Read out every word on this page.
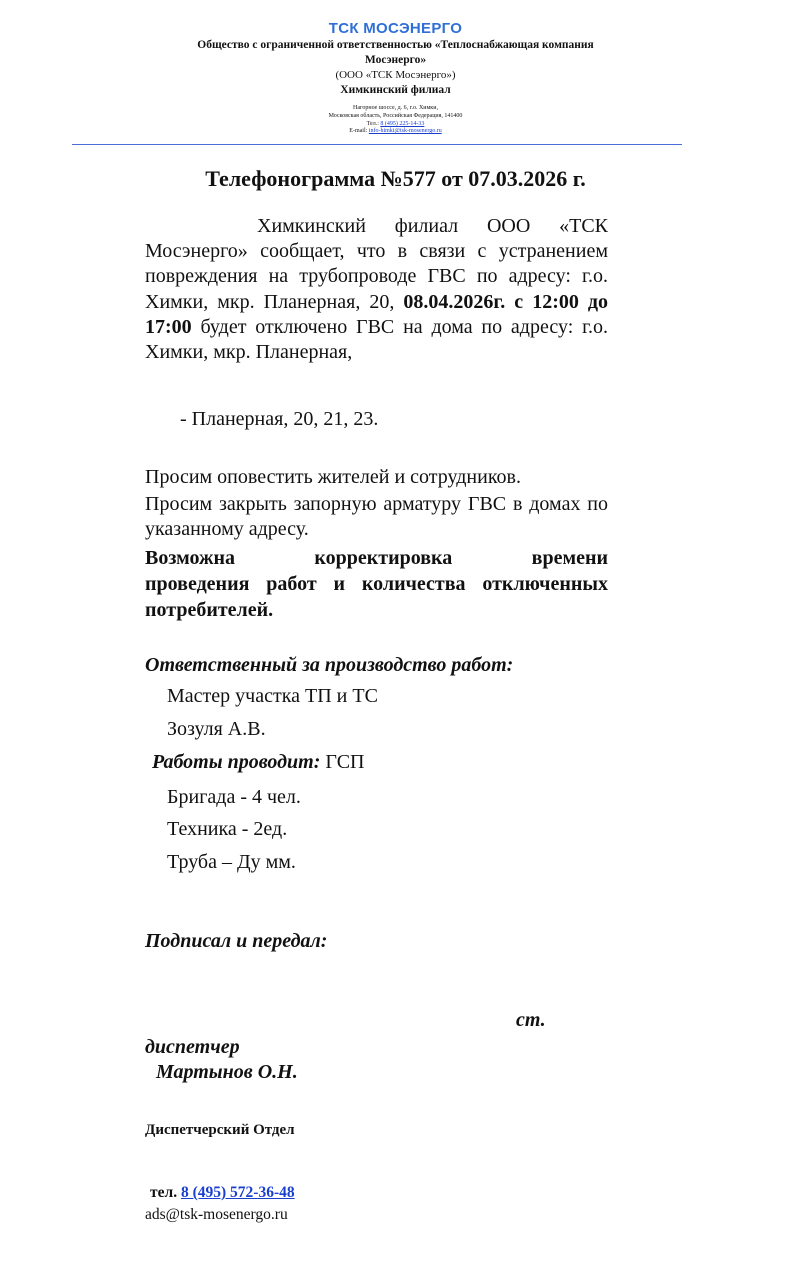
ТСК МОСЭНЕРГО
Общество с ограниченной ответственностью «Теплоснабжающая компания
Мосэнерго»
(ООО «ТСК Мосэнерго»)
Химкинский филиал
Нагорное шоссе, д. 6, г.о. Химки,
Московская область, Российская Федерация, 141400
Тел.: 8 (495) 225-14-33
E-mail: info-himki@tsk-mosenergo.ru
Телефонограмма №577 от 07.03.2026 г.
Химкинский филиал ООО «ТСК Мосэнерго» сообщает, что в связи с устранением повреждения на трубопроводе ГВС по адресу: г.о. Химки, мкр. Планерная, 20, 08.04.2026г. с 12:00 до 17:00 будет отключено ГВС на дома по адресу: г.о. Химки, мкр. Планерная,
- Планерная, 20, 21, 23.
Просим оповестить жителей и сотрудников.
Просим закрыть запорную арматуру ГВС в домах по указанному адресу.
Возможна корректировка времени
проведения работ и количества отключенных
потребителей.
Ответственный за производство работ:
Мастер участка ТП и ТС
Зозуля А.В.
Работы проводит: ГСП
Бригада - 4 чел.
Техника - 2ед.
Труба – Ду мм.
Подписал и передал:
ст.
диспетчер
Мартынов О.Н.
Диспетчерский Отдел
тел. 8 (495) 572-36-48
ads@tsk-mosenergo.ru
